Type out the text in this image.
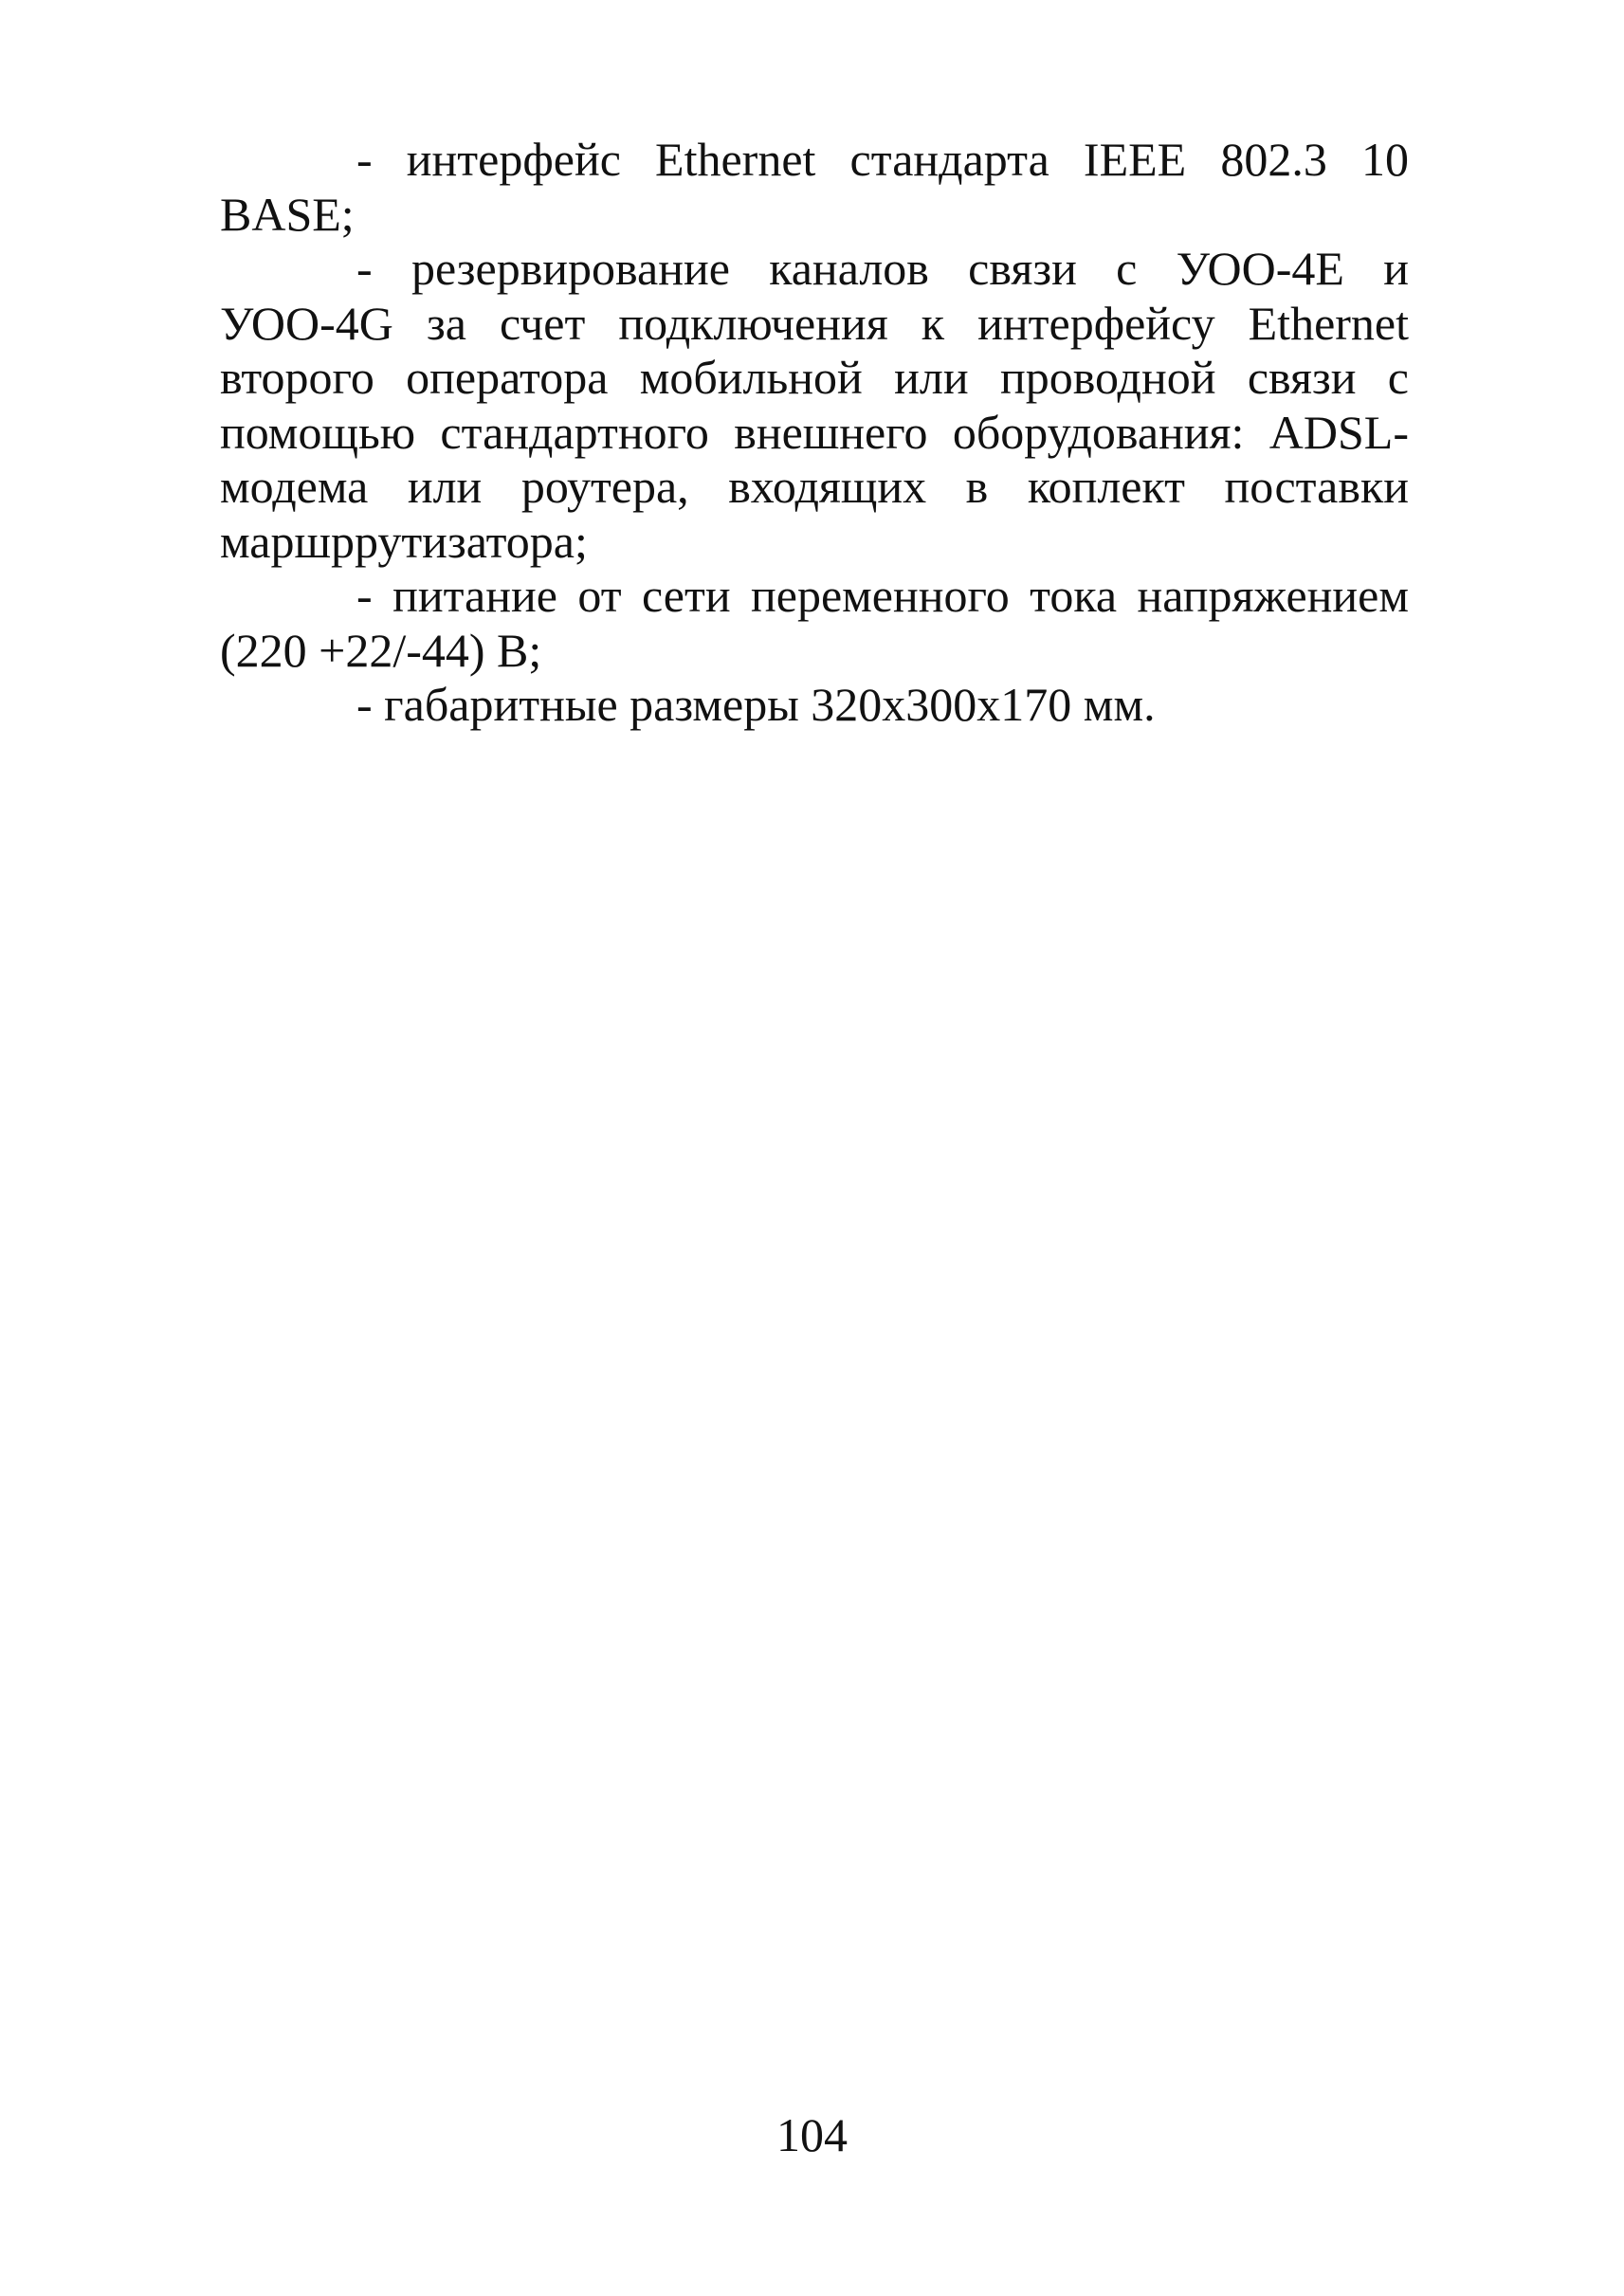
- интерфейс Ethernet стандарта IEEE 802.3 10 BASE;

- резервирование каналов связи с УОО-4E и УОО-4G за счет подключения к интерфейсу Ethernet второго оператора мобильной или проводной связи с помощью стандартного внешнего оборудования: ADSL-модема или роутера, входящих в коплект поставки маршррутизатора;

- питание от сети переменного тока напряжением (220 +22/-44) В;

- габаритные размеры 320x300x170 мм.

104
